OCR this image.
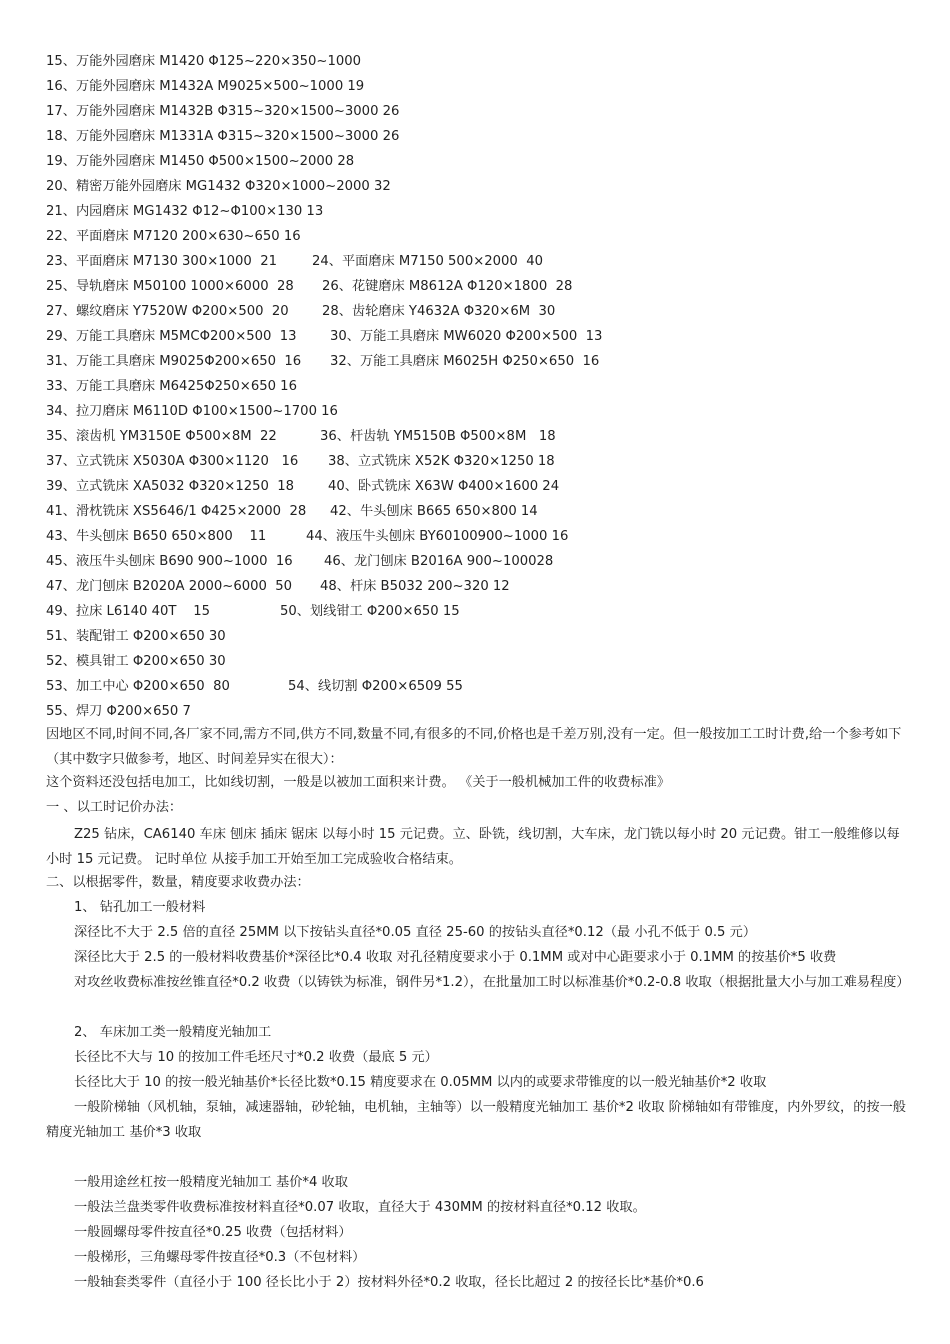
15、万能外园磨床 M1420 Φ125~220×350~1000
16、万能外园磨床 M1432A M9025×500~1000 19
17、万能外园磨床 M1432B Φ315~320×1500~3000 26
18、万能外园磨床 M1331A Φ315~320×1500~3000 26
19、万能外园磨床 M1450 Φ500×1500~2000 28
20、精密万能外园磨床 MG1432 Φ320×1000~2000 32
21、内园磨床 MG1432 Φ12~Φ100×130 13
22、平面磨床 M7120 200×630~650 16
23、平面磨床 M7130 300×1000  21	24、平面磨床 M7150 500×2000  40
25、导轨磨床 M50100 1000×6000  28 26、花键磨床 M8612A Φ120×1800  28
27、螺纹磨床 Y7520W Φ200×500  20	28、齿轮磨床 Y4632A Φ320×6M  30
29、万能工具磨床 M5MCΦ200×500  13	30、万能工具磨床 MW6020 Φ200×500  13
31、万能工具磨床 M9025Φ200×650  16 32、万能工具磨床 M6025H Φ250×650  16
33、万能工具磨床 M6425Φ250×650 16
34、拉刀磨床 M6110D Φ100×1500~1700 16
35、滚齿机 YM3150E Φ500×8M  22	36、杆齿轨 YM5150B Φ500×8M   18
37、立式铣床 X5030A Φ300×1120   16 38、立式铣床 X52K Φ320×1250 18
39、立式铣床 XA5032 Φ320×1250  18	40、卧式铣床 X63W Φ400×1600 24
41、滑枕铣床 XS5646/1 Φ425×2000  28 42、牛头刨床 B665 650×800 14
43、牛头刨床 B650 650×800    11	44、液压牛头刨床 BY60100900~1000 16
45、液压牛头刨床 B690 900~1000  16 46、龙门刨床 B2016A 900~100028
47、龙门刨床 B2020A 2000~6000  50 48、杆床 B5032 200~320 12
49、拉床 L6140 40T    15	50、划线钳工 Φ200×650 15
51、装配钳工 Φ200×650 30
52、模具钳工 Φ200×650 30
53、加工中心 Φ200×650  80	54、线切割 Φ200×6509 55
55、焊刀 Φ200×650 7
因地区不同,时间不同,各厂家不同,需方不同,供方不同,数量不同,有很多的不同,价格也是千差万别,没有一定。但一般按加工工时计费,给一个参考如下（其中数字只做参考，地区、时间差异实在很大）：
这个资料还没包括电加工，比如线切割，一般是以被加工面积来计费。 《关于一般机械加工件的收费标准》
一 、以工时记价办法：
Z25 钻床，CA6140 车床 刨床 插床 锯床 以每小时 15 元记费。立、卧铣，线切割，大车床，龙门铣以每小时 20 元记费。钳工一般维修以每小时 15 元记费。 记时单位 从接手加工开始至加工完成验收合格结束。
二、以根据零件，数量，精度要求收费办法：
1、 钻孔加工一般材料
深径比不大于 2.5 倍的直径 25MM 以下按钻头直径*0.05 直径 25-60 的按钻头直径*0.12（最 小孔不低于 0.5 元）
深径比大于 2.5 的一般材料收费基价*深径比*0.4 收取 对孔径精度要求小于 0.1MM 或对中心距要求小于 0.1MM 的按基价*5 收费
对攻丝收费标准按丝锥直径*0.2 收费（以铸铁为标准，钢件另*1.2），在批量加工时以标准基价*0.2-0.8 收取（根据批量大小与加工难易程度）
2、 车床加工类一般精度光轴加工
长径比不大与 10 的按加工件毛坯尺寸*0.2 收费（最底 5 元）
长径比大于 10 的按一般光轴基价*长径比数*0.15 精度要求在 0.05MM 以内的或要求带锥度的以一般光轴基价*2 收取
一般阶梯轴（风机轴，泵轴，减速器轴，砂轮轴，电机轴，主轴等）以一般精度光轴加工 基价*2 收取 阶梯轴如有带锥度，内外罗纹，的按一般精度光轴加工 基价*3 收取
一般用途丝杠按一般精度光轴加工 基价*4 收取
一般法兰盘类零件收费标准按材料直径*0.07 收取，直径大于 430MM 的按材料直径*0.12 收取。
一般圆螺母零件按直径*0.25 收费（包括材料）
一般梯形，三角螺母零件按直径*0.3（不包材料）
一般轴套类零件（直径小于 100 径长比小于 2）按材料外径*0.2 收取，径长比超过 2 的按径长比*基价*0.6
